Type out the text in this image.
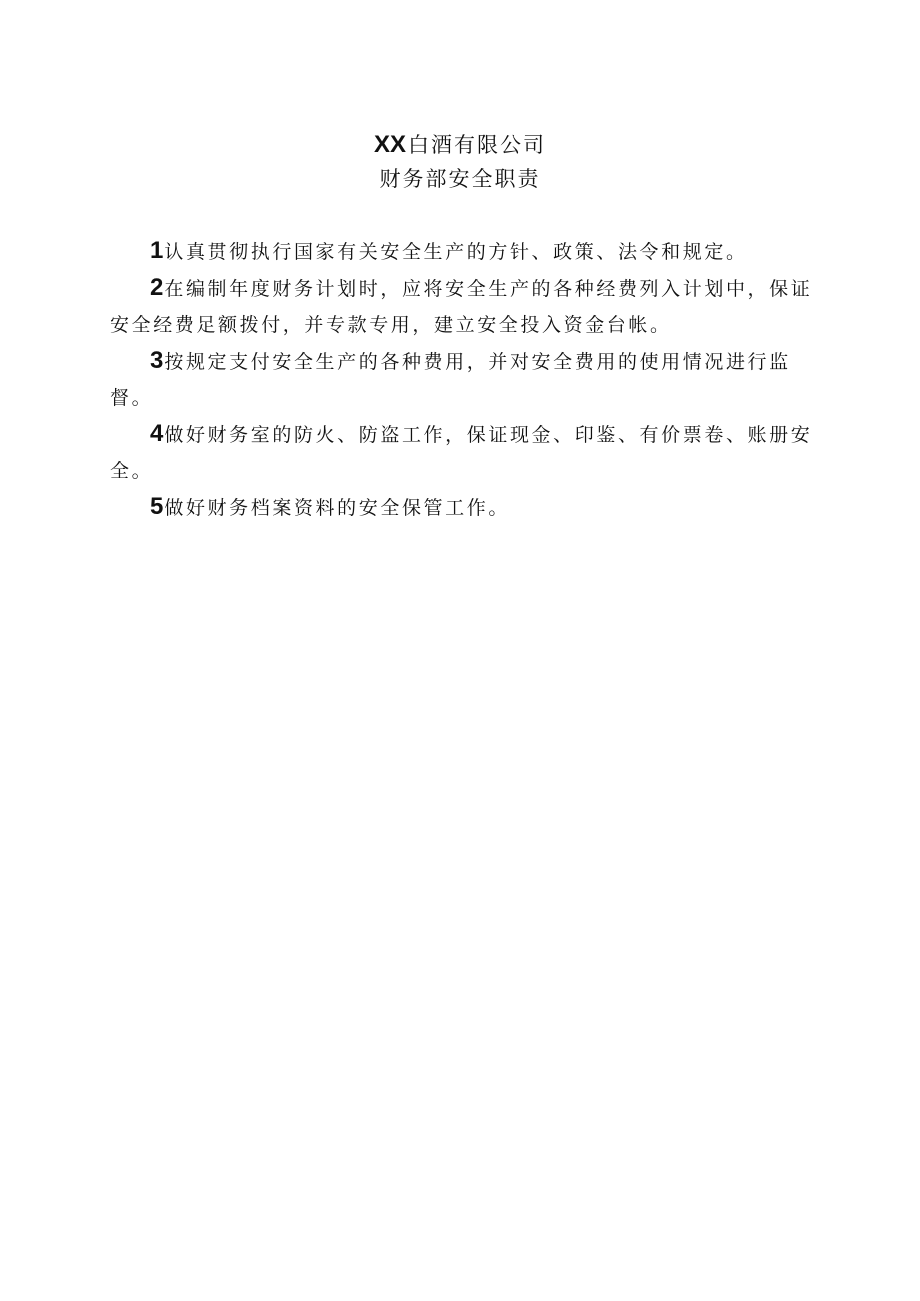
XX白酒有限公司
财务部安全职责

1认真贯彻执行国家有关安全生产的方针、政策、法令和规定。

2在编制年度财务计划时，应将安全生产的各种经费列入计划中，保证安全经费足额拨付，并专款专用，建立安全投入资金台帐。

3按规定支付安全生产的各种费用，并对安全费用的使用情况进行监督。

4做好财务室的防火、防盗工作，保证现金、印鉴、有价票卷、账册安全。

5做好财务档案资料的安全保管工作。
